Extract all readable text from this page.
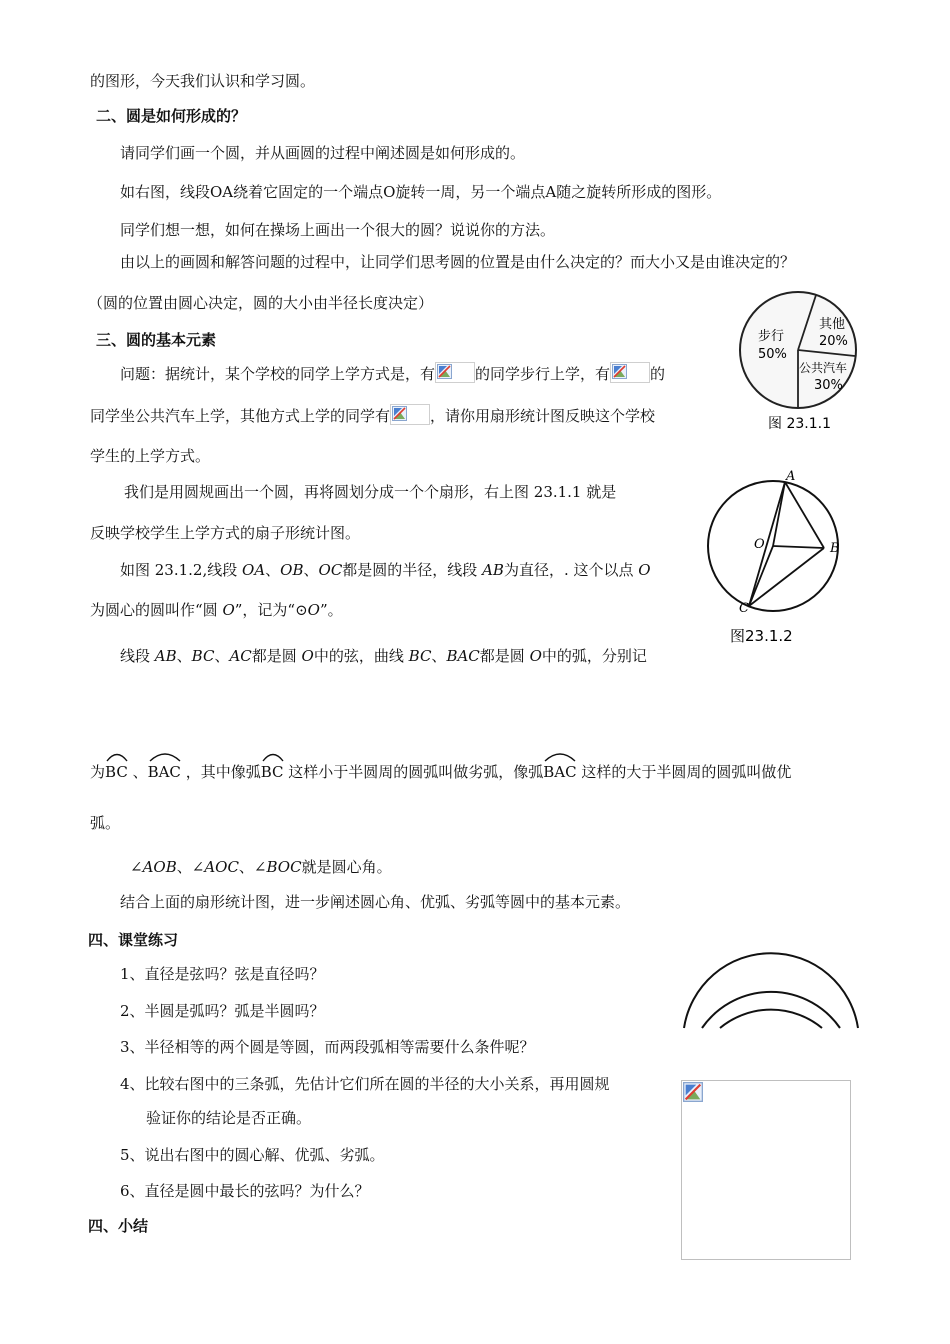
的图形，今天我们认识和学习圆。
二、圆是如何形成的？
请同学们画一个圆，并从画圆的过程中阐述圆是如何形成的。
如右图，线段OA绕着它固定的一个端点O旋转一周，另一个端点A随之旋转所形成的图形。
同学们想一想，如何在操场上画出一个很大的圆？说说你的方法。
由以上的画圆和解答问题的过程中，让同学们思考圆的位置是由什么决定的？而大小又是由谁决定的？
（圆的位置由圆心决定，圆的大小由半径长度决定）
三、圆的基本元素
问题：据统计，某个学校的同学上学方式是，有	的同学步行上学，有	的
同学坐公共汽车上学，其他方式上学的同学有	，请你用扇形统计图反映这个学校
学生的上学方式。
我们是用圆规画出一个圆，再将圆划分成一个个扇形，右上图 23.1.1 就是
反映学校学生上学方式的扇子形统计图。
如图 23.1.2,线段 OA、OB、OC都是圆的半径，线段 AB为直径，. 这个以点 O
为圆心的圆叫作“圆 O”，记为“⊙O”。
线段 AB、BC、AC都是圆 O中的弦，曲线 BC、BAC都是圆 O中的弧，分别记
为
BC 、
BAC ，其中像弧
BC 这样小于半圆周的圆弧叫做劣弧，像弧
BAC 这样的大于半圆周的圆弧叫做优
弧。
∠AOB、∠AOC、∠BOC就是圆心角。
结合上面的扇形统计图，进一步阐述圆心角、优弧、劣弧等圆中的基本元素。
四、课堂练习
1、直径是弦吗？弦是直径吗？
2、半圆是弧吗？弧是半圆吗？
3、半径相等的两个圆是等圆，而两段弧相等需要什么条件呢？
4、比较右图中的三条弧，先估计它们所在圆的半径的大小关系，再用圆规
验证你的结论是否正确。
5、说出右图中的圆心解、优弧、劣弧。
6、直径是圆中最长的弦吗？为什么？
四、小结
步行
50%
其他
20%
公共汽车
30%
图 23.1.1
A
B
C
O
图23.1.2
